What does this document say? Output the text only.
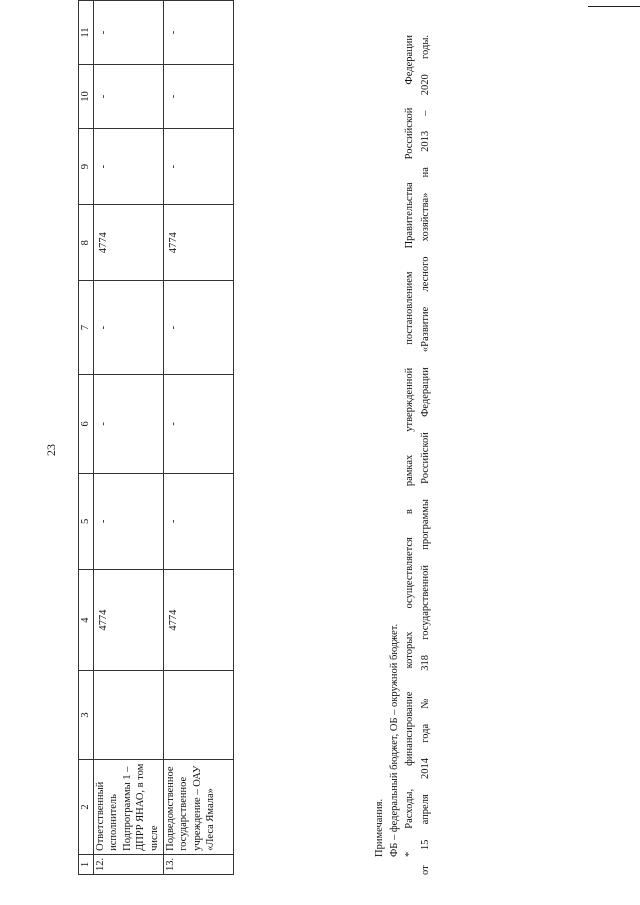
23
1	2	3	4	5	6	7	8	9	10	11
12.	Ответственный исполнитель Подпрограммы 1 – ДПРР ЯНАО, в том числе		4774	-	-	-	4774	-	-	-
13.	Подведомственное государственное учреждение – ОАУ «Леса Ямала»		4774	-	-	-	4774	-	-	-

Примечания. ФБ – федеральный бюджет, ОБ – окружной бюджет. * Расходы, финансирование которых осуществляется в рамках утвержденной постановлением Правительства Российской Федерации от 15 апреля 2014 года № 318 государственной программы Российской Федерации «Развитие лесного хозяйства» на 2013 – 2020 годы.
